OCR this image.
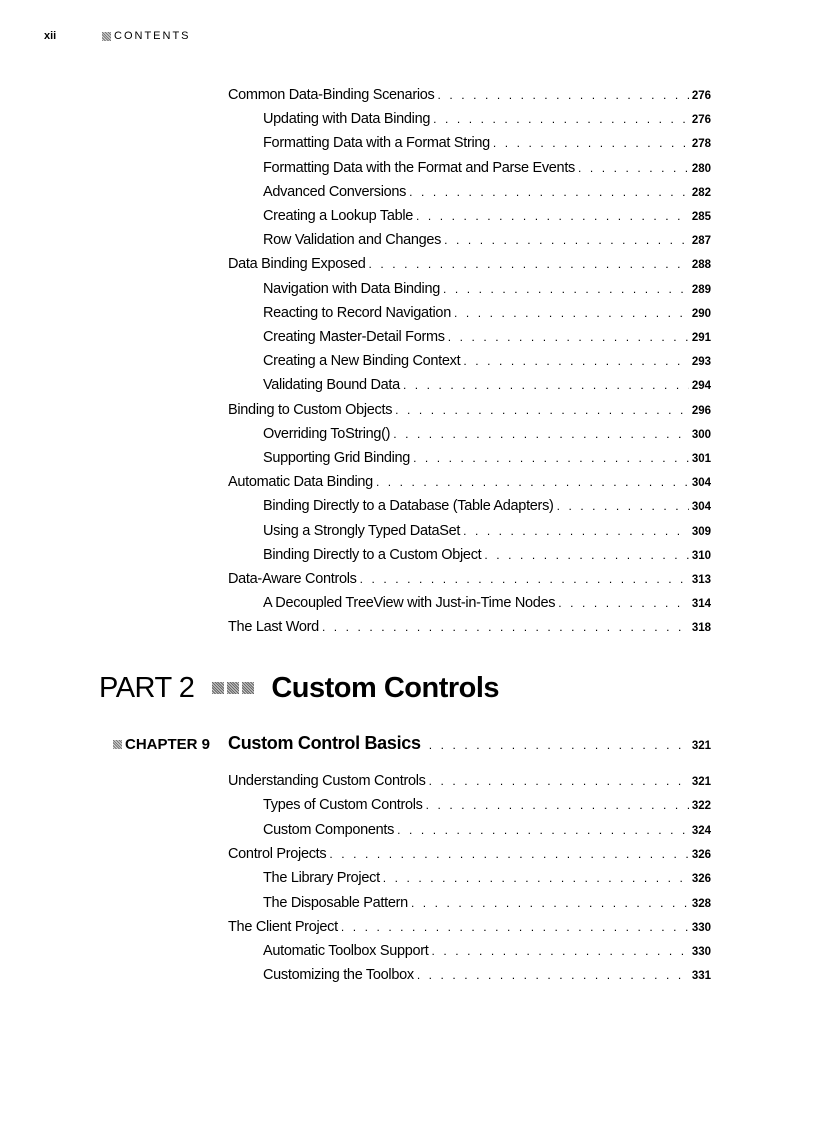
xii	CONTENTS
Common Data-Binding Scenarios . . .	276
Updating with Data Binding . . .	276
Formatting Data with a Format String . . .	278
Formatting Data with the Format and Parse Events . . .	280
Advanced Conversions . . .	282
Creating a Lookup Table . . .	285
Row Validation and Changes . . .	287
Data Binding Exposed . . .	288
Navigation with Data Binding . . .	289
Reacting to Record Navigation . . .	290
Creating Master-Detail Forms . . .	291
Creating a New Binding Context . . .	293
Validating Bound Data . . .	294
Binding to Custom Objects . . .	296
Overriding ToString() . . .	300
Supporting Grid Binding . . .	301
Automatic Data Binding . . .	304
Binding Directly to a Database (Table Adapters) . . .	304
Using a Strongly Typed DataSet . . .	309
Binding Directly to a Custom Object . . .	310
Data-Aware Controls . . .	313
A Decoupled TreeView with Just-in-Time Nodes . . .	314
The Last Word . . .	318
PART 2	Custom Controls
CHAPTER 9 Custom Control Basics . . .	321
Understanding Custom Controls . . .	321
Types of Custom Controls . . .	322
Custom Components . . .	324
Control Projects . . .	326
The Library Project . . .	326
The Disposable Pattern . . .	328
The Client Project . . .	330
Automatic Toolbox Support . . .	330
Customizing the Toolbox . . .	331
